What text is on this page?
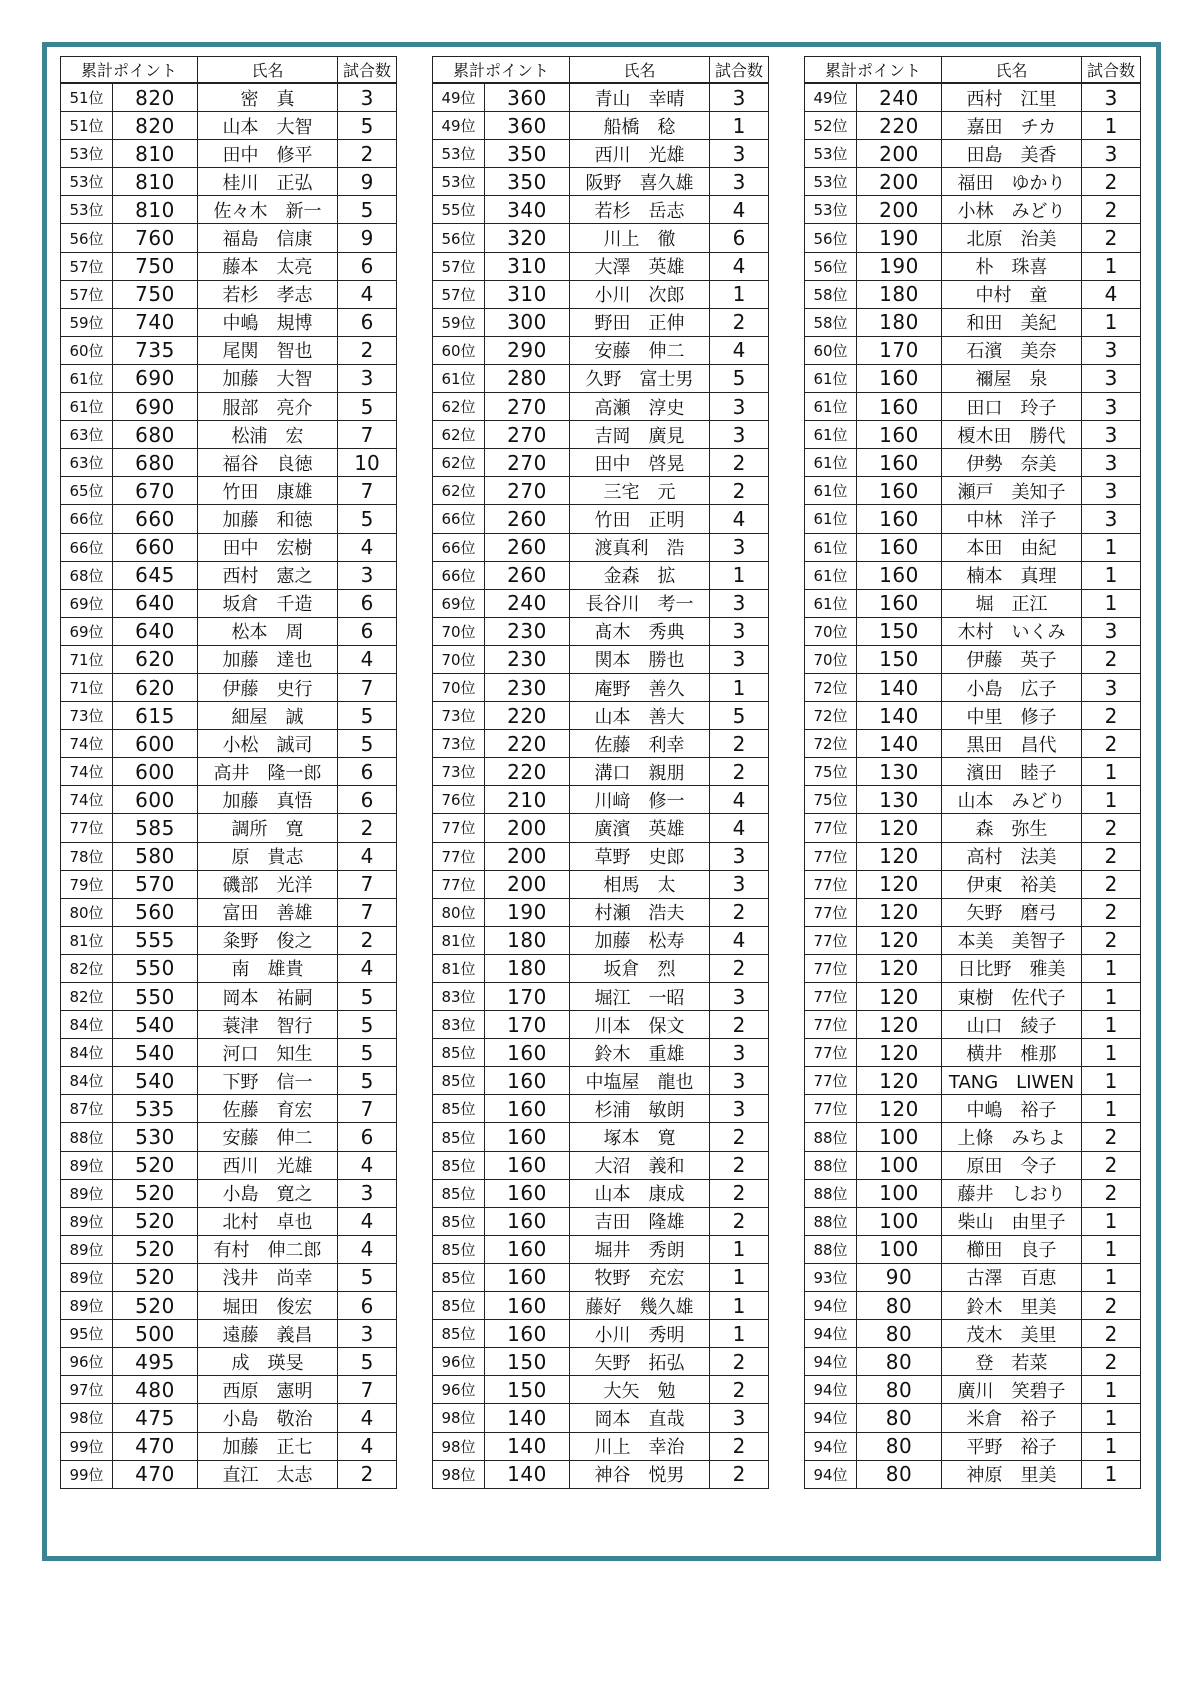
累計ポイント		氏名	試合数
51位	820	密　真	3
51位	820	山本　大智	5
53位	810	田中　修平	2
53位	810	桂川　正弘	9
53位	810	佐々木　新一	5
56位	760	福島　信康	9
57位	750	藤本　太亮	6
57位	750	若杉　孝志	4
59位	740	中嶋　規博	6
60位	735	尾関　智也	2
61位	690	加藤　大智	3
61位	690	服部　亮介	5
63位	680	松浦　宏	7
63位	680	福谷　良徳	10
65位	670	竹田　康雄	7
66位	660	加藤　和徳	5
66位	660	田中　宏樹	4
68位	645	西村　憲之	3
69位	640	坂倉　千造	6
69位	640	松本　周	6
71位	620	加藤　達也	4
71位	620	伊藤　史行	7
73位	615	細屋　誠	5
74位	600	小松　誠司	5
74位	600	高井　隆一郎	6
74位	600	加藤　真悟	6
77位	585	調所　寛	2
78位	580	原　貴志	4
79位	570	磯部　光洋	7
80位	560	富田　善雄	7
81位	555	粂野　俊之	2
82位	550	南　雄貴	4
82位	550	岡本　祐嗣	5
84位	540	蓑津　智行	5
84位	540	河口　知生	5
84位	540	下野　信一	5
87位	535	佐藤　育宏	7
88位	530	安藤　伸二	6
89位	520	西川　光雄	4
89位	520	小島　寛之	3
89位	520	北村　卓也	4
89位	520	有村　伸二郎	4
89位	520	浅井　尚幸	5
89位	520	堀田　俊宏	6
95位	500	遠藤　義昌	3
96位	495	成　瑛旻	5
97位	480	西原　憲明	7
98位	475	小島　敬治	4
99位	470	加藤　正七	4
99位	470	直江　太志	2
累計ポイント		氏名	試合数
49位	360	青山　幸晴	3
49位	360	船橋　稔	1
53位	350	西川　光雄	3
53位	350	阪野　喜久雄	3
55位	340	若杉　岳志	4
56位	320	川上　徹	6
57位	310	大澤　英雄	4
57位	310	小川　次郎	1
59位	300	野田　正伸	2
60位	290	安藤　伸二	4
61位	280	久野　富士男	5
62位	270	高瀬　淳史	3
62位	270	吉岡　廣見	3
62位	270	田中　啓晃	2
62位	270	三宅　元	2
66位	260	竹田　正明	4
66位	260	渡真利　浩	3
66位	260	金森　拡	1
69位	240	長谷川　考一	3
70位	230	髙木　秀典	3
70位	230	関本　勝也	3
70位	230	庵野　善久	1
73位	220	山本　善大	5
73位	220	佐藤　利幸	2
73位	220	溝口　親朋	2
76位	210	川﨑　修一	4
77位	200	廣濱　英雄	4
77位	200	草野　史郎	3
77位	200	相馬　太	3
80位	190	村瀬　浩夫	2
81位	180	加藤　松寿	4
81位	180	坂倉　烈	2
83位	170	堀江　一昭	3
83位	170	川本　保文	2
85位	160	鈴木　重雄	3
85位	160	中塩屋　龍也	3
85位	160	杉浦　敏朗	3
85位	160	塚本　寛	2
85位	160	大沼　義和	2
85位	160	山本　康成	2
85位	160	吉田　隆雄	2
85位	160	堀井　秀朗	1
85位	160	牧野　充宏	1
85位	160	藤好　幾久雄	1
85位	160	小川　秀明	1
96位	150	矢野　拓弘	2
96位	150	大矢　勉	2
98位	140	岡本　直哉	3
98位	140	川上　幸治	2
98位	140	神谷　悦男	2
累計ポイント		氏名	試合数
49位	240	西村　江里	3
52位	220	嘉田　チカ	1
53位	200	田島　美香	3
53位	200	福田　ゆかり	2
53位	200	小林　みどり	2
56位	190	北原　治美	2
56位	190	朴　珠喜	1
58位	180	中村　童	4
58位	180	和田　美紀	1
60位	170	石濱　美奈	3
61位	160	禰屋　泉	3
61位	160	田口　玲子	3
61位	160	榎木田　勝代	3
61位	160	伊勢　奈美	3
61位	160	瀬戸　美知子	3
61位	160	中林　洋子	3
61位	160	本田　由紀	1
61位	160	楠本　真理	1
61位	160	堀　正江	1
70位	150	木村　いくみ	3
70位	150	伊藤　英子	2
72位	140	小島　広子	3
72位	140	中里　修子	2
72位	140	黒田　昌代	2
75位	130	濱田　睦子	1
75位	130	山本　みどり	1
77位	120	森　弥生	2
77位	120	高村　法美	2
77位	120	伊東　裕美	2
77位	120	矢野　磨弓	2
77位	120	本美　美智子	2
77位	120	日比野　雅美	1
77位	120	東樹　佐代子	1
77位	120	山口　綾子	1
77位	120	横井　椎那	1
77位	120	TANG　LIWEN	1
77位	120	中嶋　裕子	1
88位	100	上條　みちよ	2
88位	100	原田　令子	2
88位	100	藤井　しおり	2
88位	100	柴山　由里子	1
88位	100	櫛田　良子	1
93位	90	古澤　百恵	1
94位	80	鈴木　里美	2
94位	80	茂木　美里	2
94位	80	登　若菜	2
94位	80	廣川　笑碧子	1
94位	80	米倉　裕子	1
94位	80	平野　裕子	1
94位	80	神原　里美	1
